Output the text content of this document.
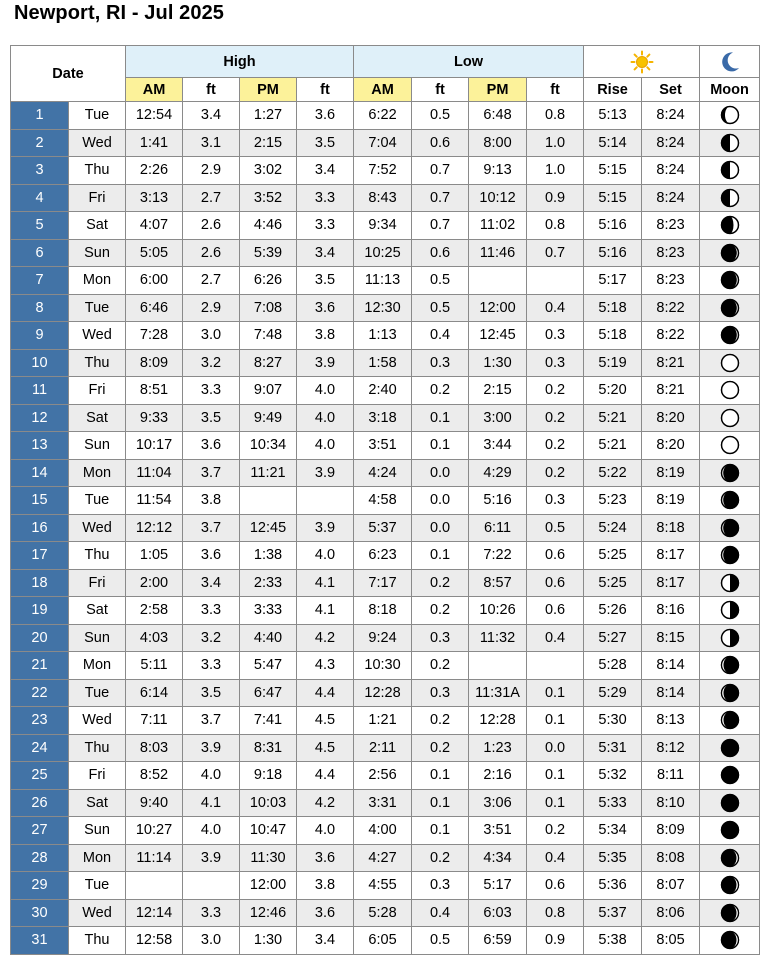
Newport, RI - Jul 2025
Date		High				Low		
		AM	ft	PM	ft	AM	ft	PM	ft	Rise	Set	Moon
1	Tue	12:54	3.4	1:27	3.6	6:22	0.5	6:48	0.8	5:13	8:24	
2	Wed	1:41	3.1	2:15	3.5	7:04	0.6	8:00	1.0	5:14	8:24	
3	Thu	2:26	2.9	3:02	3.4	7:52	0.7	9:13	1.0	5:15	8:24	
4	Fri	3:13	2.7	3:52	3.3	8:43	0.7	10:12	0.9	5:15	8:24	
5	Sat	4:07	2.6	4:46	3.3	9:34	0.7	11:02	0.8	5:16	8:23	
6	Sun	5:05	2.6	5:39	3.4	10:25	0.6	11:46	0.7	5:16	8:23	
7	Mon	6:00	2.7	6:26	3.5	11:13	0.5			5:17	8:23	
8	Tue	6:46	2.9	7:08	3.6	12:30	0.5	12:00	0.4	5:18	8:22	
9	Wed	7:28	3.0	7:48	3.8	1:13	0.4	12:45	0.3	5:18	8:22	
10	Thu	8:09	3.2	8:27	3.9	1:58	0.3	1:30	0.3	5:19	8:21	
11	Fri	8:51	3.3	9:07	4.0	2:40	0.2	2:15	0.2	5:20	8:21	
12	Sat	9:33	3.5	9:49	4.0	3:18	0.1	3:00	0.2	5:21	8:20	
13	Sun	10:17	3.6	10:34	4.0	3:51	0.1	3:44	0.2	5:21	8:20	
14	Mon	11:04	3.7	11:21	3.9	4:24	0.0	4:29	0.2	5:22	8:19	
15	Tue	11:54	3.8			4:58	0.0	5:16	0.3	5:23	8:19	
16	Wed	12:12	3.7	12:45	3.9	5:37	0.0	6:11	0.5	5:24	8:18	
17	Thu	1:05	3.6	1:38	4.0	6:23	0.1	7:22	0.6	5:25	8:17	
18	Fri	2:00	3.4	2:33	4.1	7:17	0.2	8:57	0.6	5:25	8:17	
19	Sat	2:58	3.3	3:33	4.1	8:18	0.2	10:26	0.6	5:26	8:16	
20	Sun	4:03	3.2	4:40	4.2	9:24	0.3	11:32	0.4	5:27	8:15	
21	Mon	5:11	3.3	5:47	4.3	10:30	0.2			5:28	8:14	
22	Tue	6:14	3.5	6:47	4.4	12:28	0.3	11:31A	0.1	5:29	8:14	
23	Wed	7:11	3.7	7:41	4.5	1:21	0.2	12:28	0.1	5:30	8:13	
24	Thu	8:03	3.9	8:31	4.5	2:11	0.2	1:23	0.0	5:31	8:12	
25	Fri	8:52	4.0	9:18	4.4	2:56	0.1	2:16	0.1	5:32	8:11	
26	Sat	9:40	4.1	10:03	4.2	3:31	0.1	3:06	0.1	5:33	8:10	
27	Sun	10:27	4.0	10:47	4.0	4:00	0.1	3:51	0.2	5:34	8:09	
28	Mon	11:14	3.9	11:30	3.6	4:27	0.2	4:34	0.4	5:35	8:08	
29	Tue			12:00	3.8	4:55	0.3	5:17	0.6	5:36	8:07	
30	Wed	12:14	3.3	12:46	3.6	5:28	0.4	6:03	0.8	5:37	8:06	
31	Thu	12:58	3.0	1:30	3.4	6:05	0.5	6:59	0.9	5:38	8:05	
